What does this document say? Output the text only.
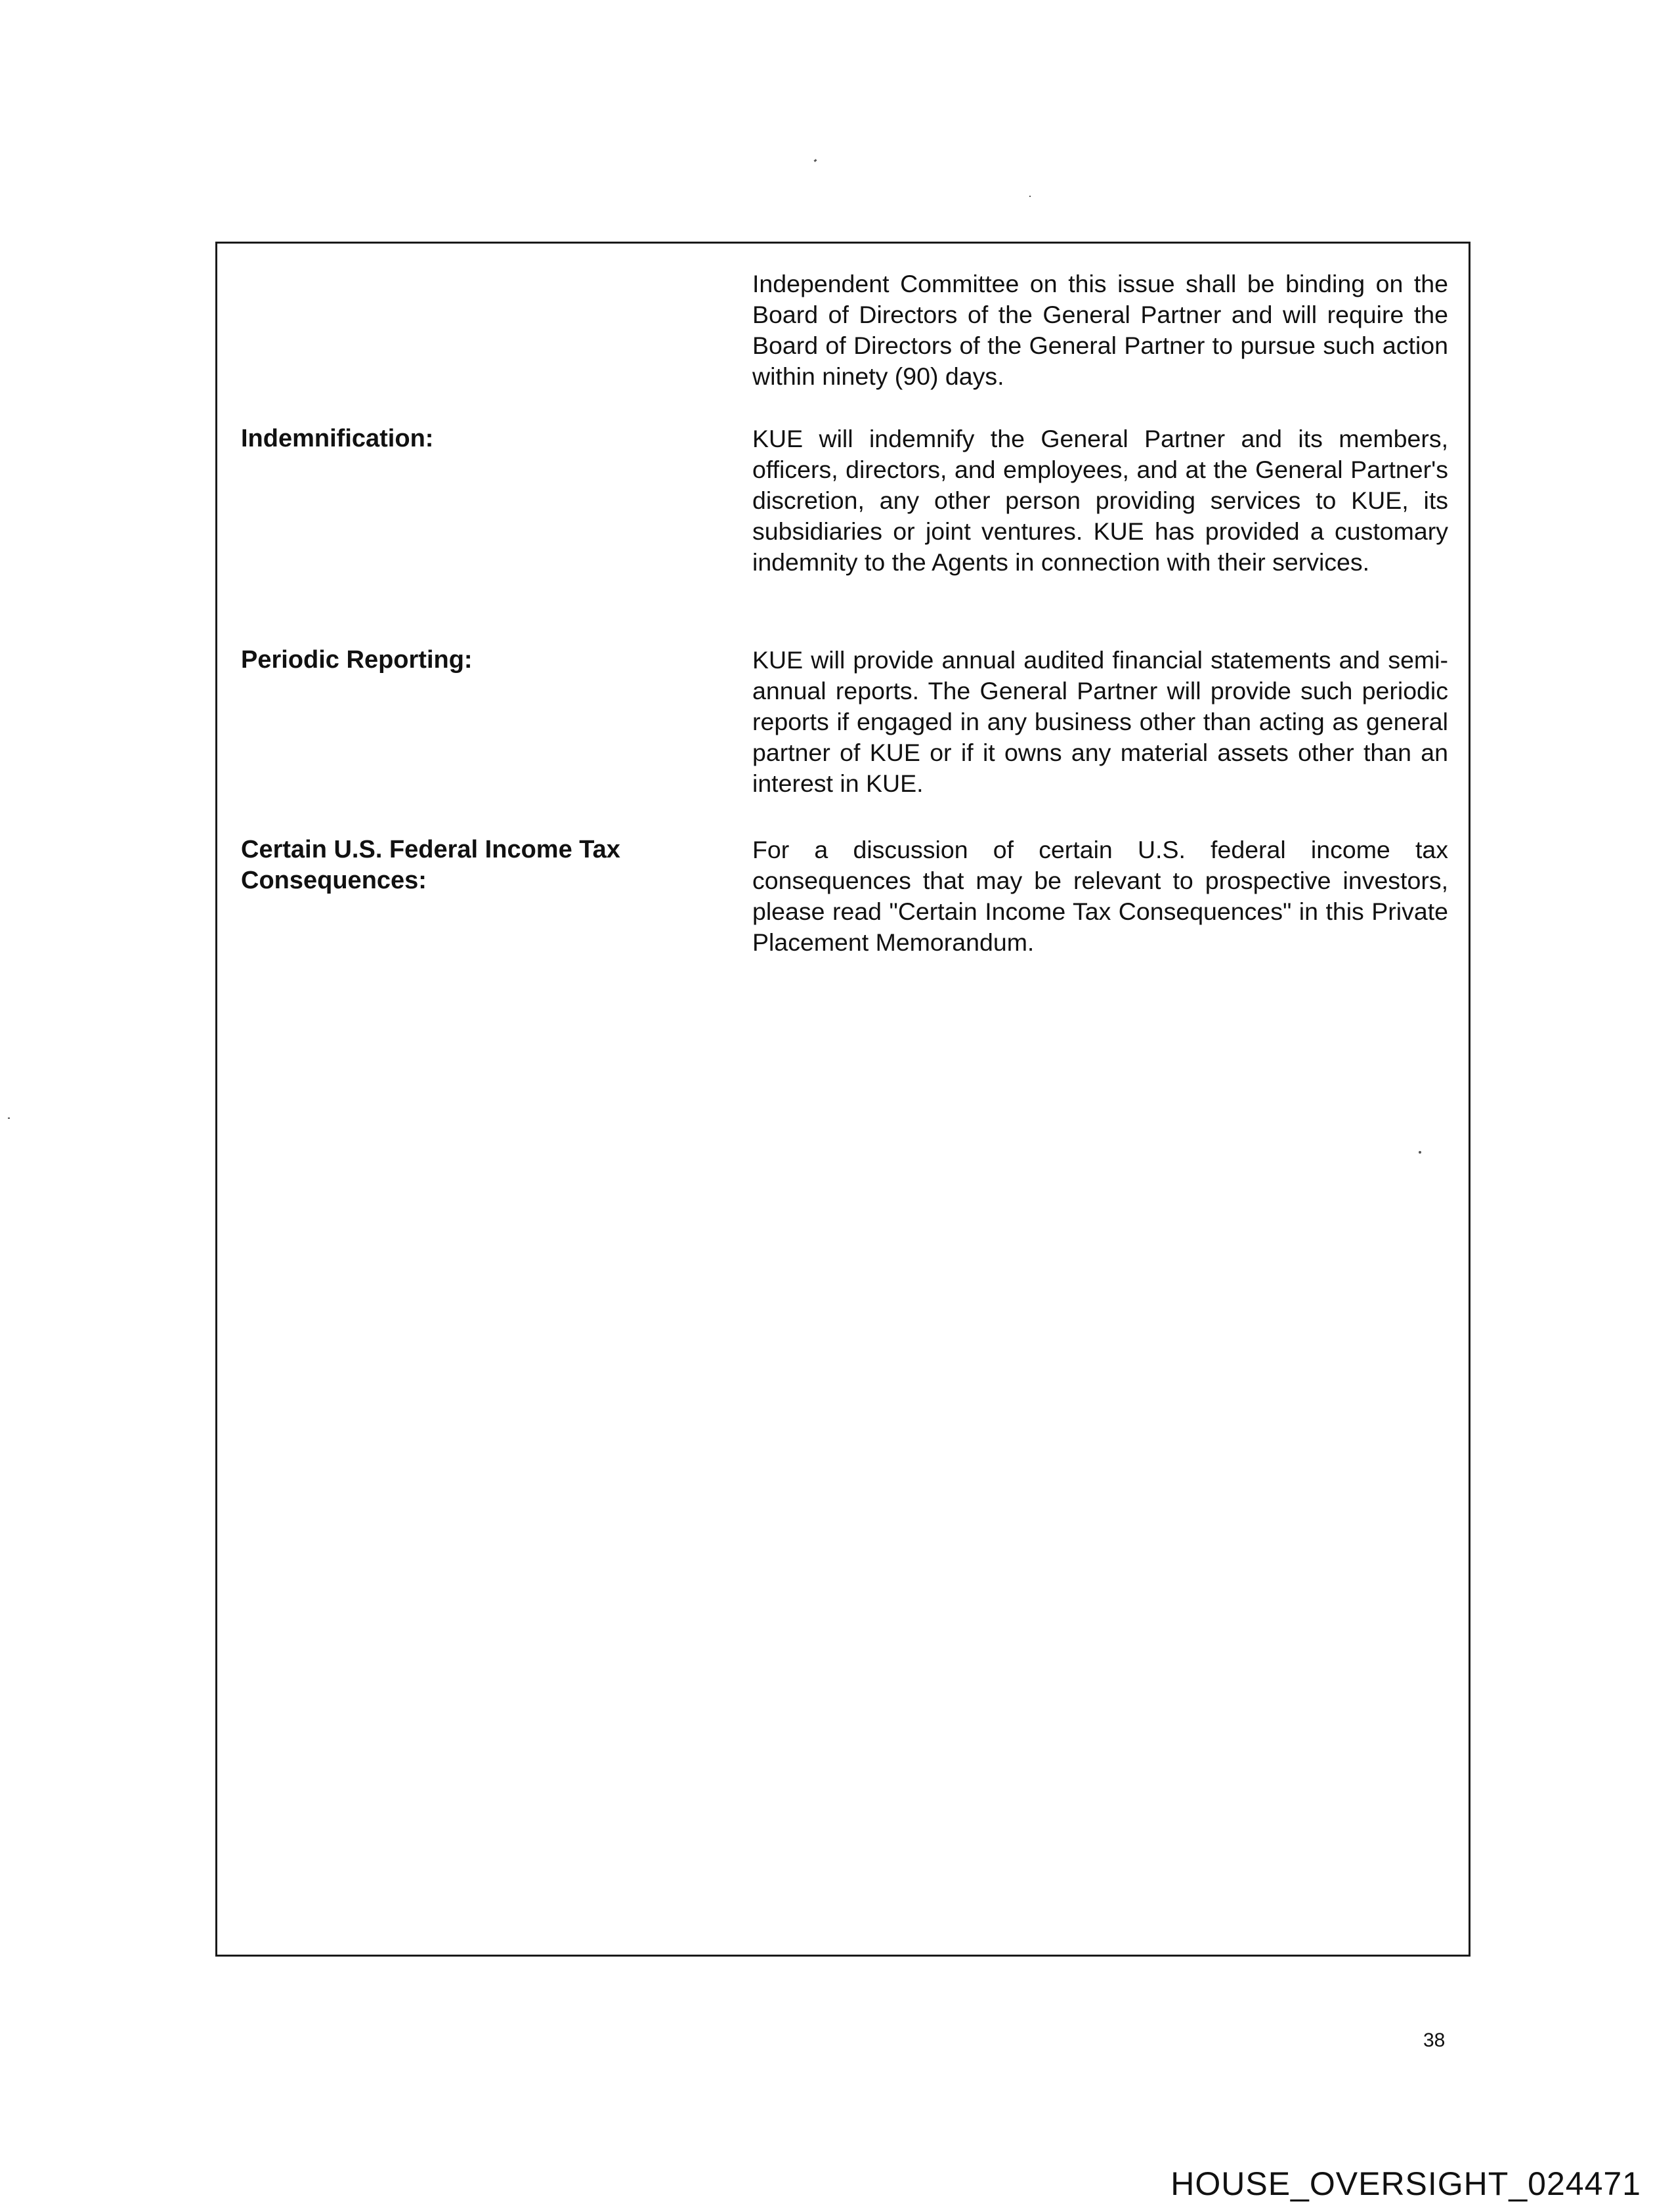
Independent Committee on this issue shall be binding on the Board of Directors of the General Partner and will require the Board of Directors of the General Partner to pursue such action within ninety (90) days.
Indemnification:	KUE will indemnify the General Partner and its members, officers, directors, and employees, and at the General Partner's discretion, any other person providing services to KUE, its subsidiaries or joint ventures. KUE has provided a customary indemnity to the Agents in connection with their services.
Periodic Reporting:	KUE will provide annual audited financial statements and semi-annual reports. The General Partner will provide such periodic reports if engaged in any business other than acting as general partner of KUE or if it owns any material assets other than an interest in KUE.
Certain U.S. Federal Income Tax Consequences:
For a discussion of certain U.S. federal income tax consequences that may be relevant to prospective investors, please read "Certain Income Tax Consequences" in this Private Placement Memorandum.
38
HOUSE_OVERSIGHT_024471
